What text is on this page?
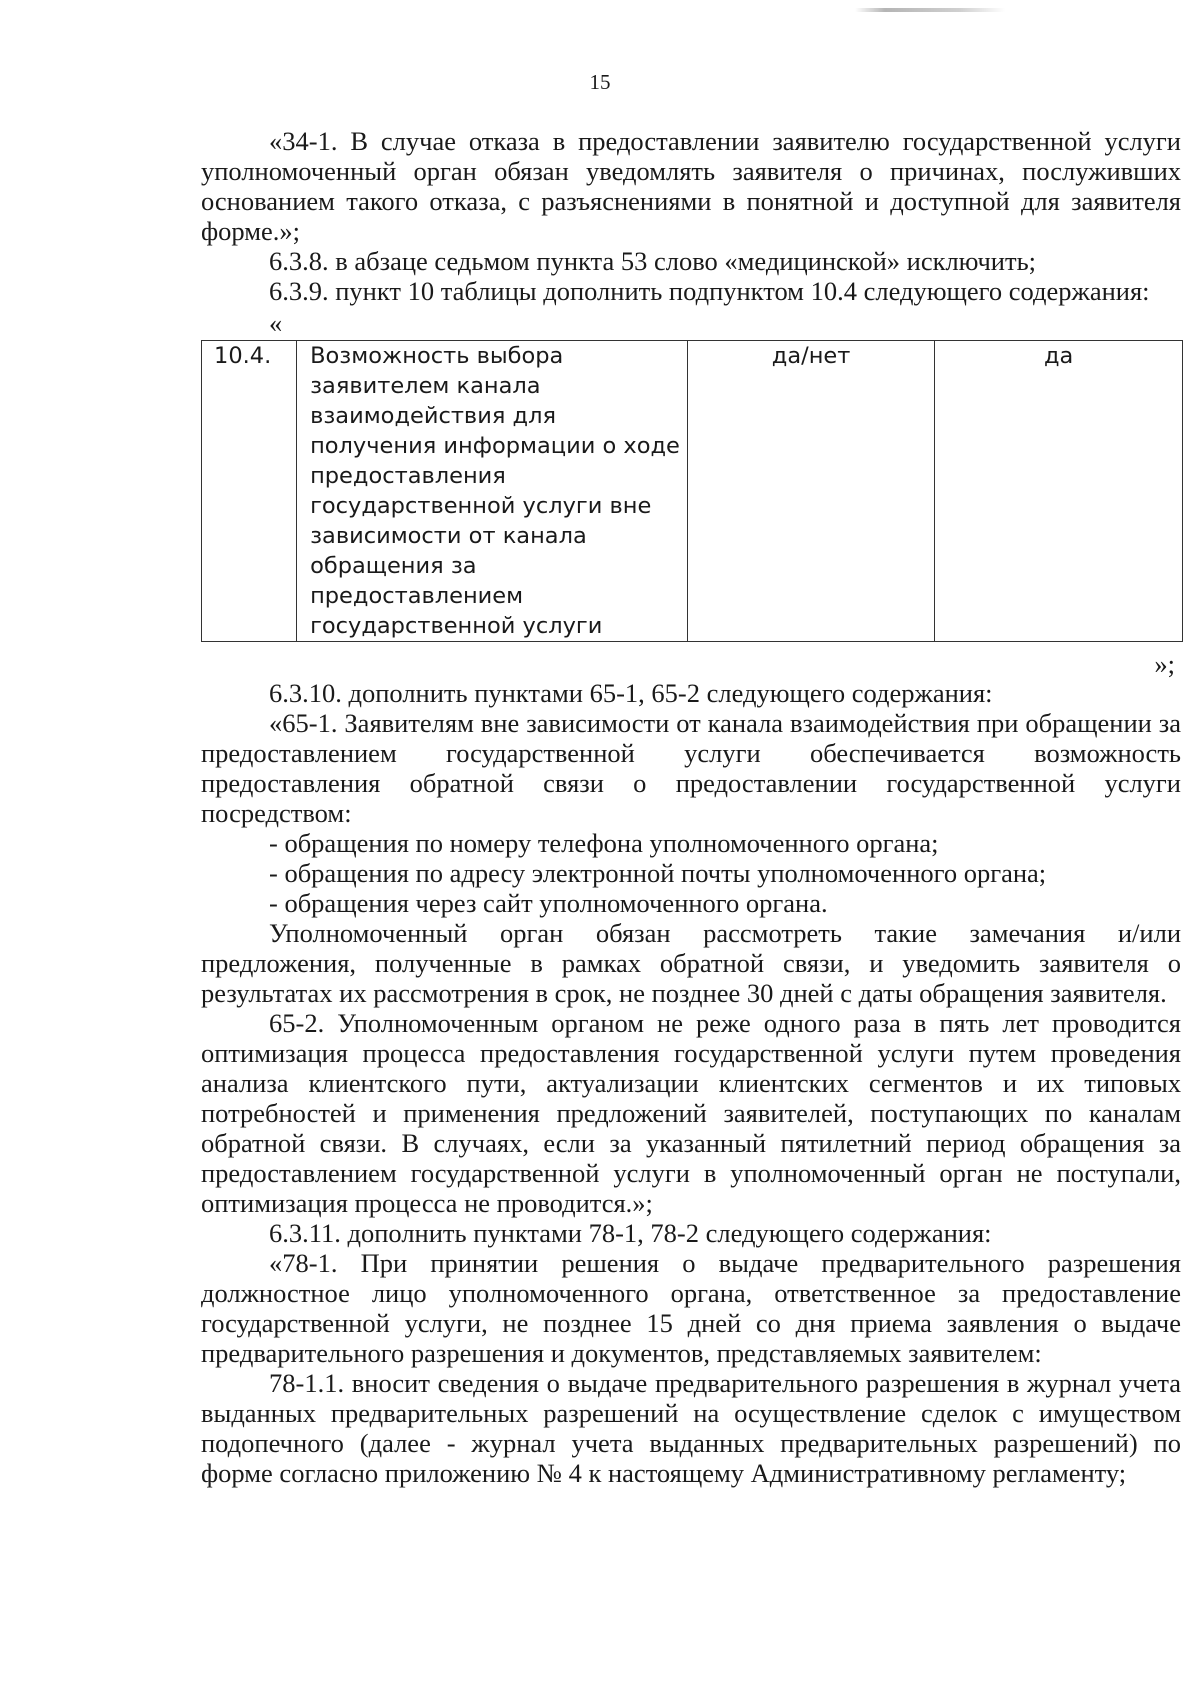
15

«34-1. В случае отказа в предоставлении заявителю государственной услуги уполномоченный орган обязан уведомлять заявителя о причинах, послуживших основанием такого отказа, с разъяснениями в понятной и доступной для заявителя форме.»;

6.3.8. в абзаце седьмом пункта 53 слово «медицинской» исключить;

6.3.9. пункт 10 таблицы дополнить подпунктом 10.4 следующего содержания:

«
10.4.	Возможность выбора заявителем канала взаимодействия для получения информации о ходе предоставления государственной услуги вне зависимости от канала обращения за предоставлением государственной услуги	да/нет	да
»;

6.3.10. дополнить пунктами 65-1, 65-2 следующего содержания:

«65-1. Заявителям вне зависимости от канала взаимодействия при обращении за предоставлением государственной услуги обеспечивается возможность предоставления обратной связи о предоставлении государственной услуги посредством:

- обращения по номеру телефона уполномоченного органа;

- обращения по адресу электронной почты уполномоченного органа;

- обращения через сайт уполномоченного органа.

Уполномоченный орган обязан рассмотреть такие замечания и/или предложения, полученные в рамках обратной связи, и уведомить заявителя о результатах их рассмотрения в срок, не позднее 30 дней с даты обращения заявителя.

65-2. Уполномоченным органом не реже одного раза в пять лет проводится оптимизация процесса предоставления государственной услуги путем проведения анализа клиентского пути, актуализации клиентских сегментов и их типовых потребностей и применения предложений заявителей, поступающих по каналам обратной связи. В случаях, если за указанный пятилетний период обращения за предоставлением государственной услуги в уполномоченный орган не поступали, оптимизация процесса не проводится.»;

6.3.11. дополнить пунктами 78-1, 78-2 следующего содержания:

«78-1. При принятии решения о выдаче предварительного разрешения должностное лицо уполномоченного органа, ответственное за предоставление государственной услуги, не позднее 15 дней со дня приема заявления о выдаче предварительного разрешения и документов, представляемых заявителем:

78-1.1. вносит сведения о выдаче предварительного разрешения в журнал учета выданных предварительных разрешений на осуществление сделок с имуществом подопечного (далее - журнал учета выданных предварительных разрешений) по форме согласно приложению № 4 к настоящему Административному регламенту;
